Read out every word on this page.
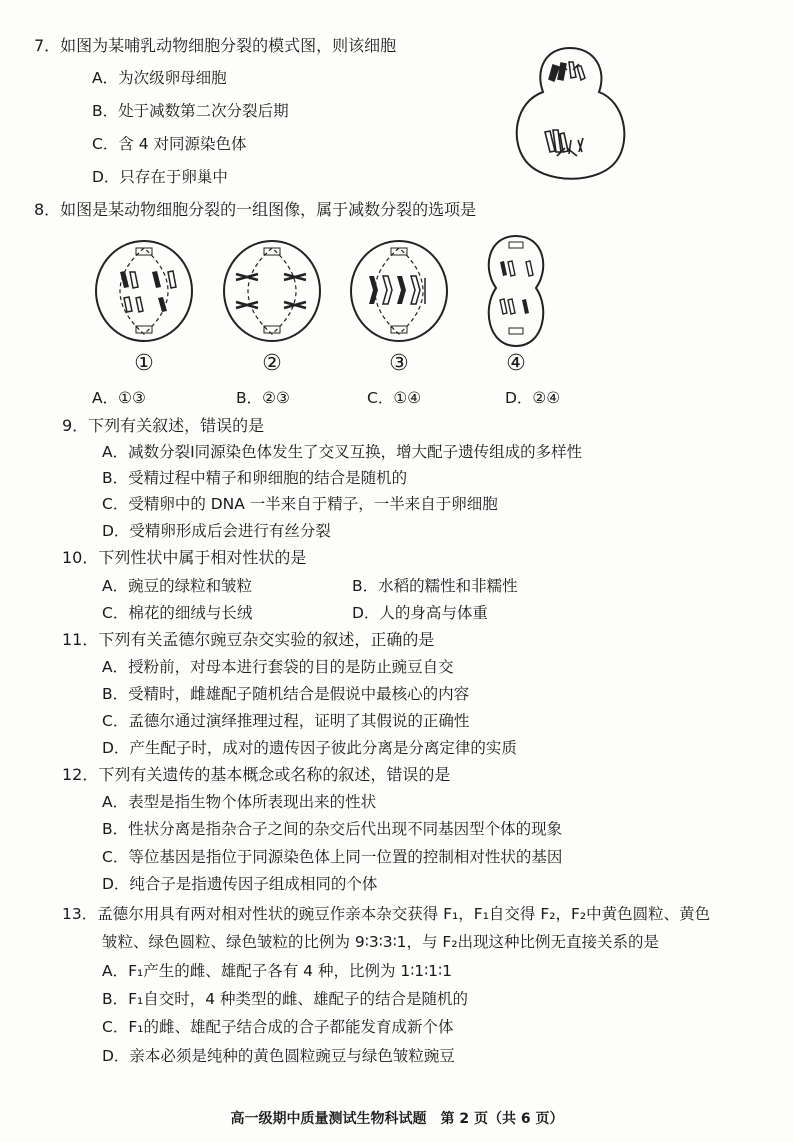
7．如图为某哺乳动物细胞分裂的模式图，则该细胞
A．为次级卵母细胞
B．处于减数第二次分裂后期
C．含 4 对同源染色体
D．只存在于卵巢中
8．如图是某动物细胞分裂的一组图像，属于减数分裂的选项是
①	②	③	④
A．①③	B．②③	C．①④	D．②④
9．下列有关叙述，错误的是
A．减数分裂Ⅰ同源染色体发生了交叉互换，增大配子遗传组成的多样性
B．受精过程中精子和卵细胞的结合是随机的
C．受精卵中的 DNA 一半来自于精子，一半来自于卵细胞
D．受精卵形成后会进行有丝分裂
10．下列性状中属于相对性状的是
A．豌豆的绿粒和皱粒	B．水稻的糯性和非糯性
C．棉花的细绒与长绒	D．人的身高与体重
11．下列有关孟德尔豌豆杂交实验的叙述，正确的是
A．授粉前，对母本进行套袋的目的是防止豌豆自交
B．受精时，雌雄配子随机结合是假说中最核心的内容
C．孟德尔通过演绎推理过程，证明了其假说的正确性
D．产生配子时，成对的遗传因子彼此分离是分离定律的实质
12．下列有关遗传的基本概念或名称的叙述，错误的是
A．表型是指生物个体所表现出来的性状
B．性状分离是指杂合子之间的杂交后代出现不同基因型个体的现象
C．等位基因是指位于同源染色体上同一位置的控制相对性状的基因
D．纯合子是指遗传因子组成相同的个体
13．孟德尔用具有两对相对性状的豌豆作亲本杂交获得 F₁，F₁自交得 F₂，F₂中黄色圆粒、黄色
皱粒、绿色圆粒、绿色皱粒的比例为 9∶3∶3∶1，与 F₂出现这种比例无直接关系的是
A．F₁产生的雌、雄配子各有 4 种，比例为 1∶1∶1∶1
B．F₁自交时，4 种类型的雌、雄配子的结合是随机的
C．F₁的雌、雄配子结合成的合子都能发育成新个体
D．亲本必须是纯种的黄色圆粒豌豆与绿色皱粒豌豆
高一级期中质量测试生物科试题　第 2 页（共 6 页）
